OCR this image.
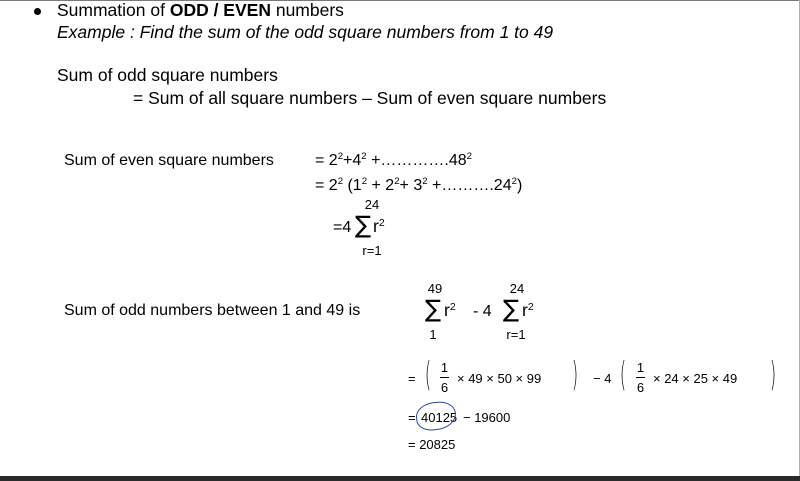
Summation of ODD / EVEN numbers
Example : Find the sum of the odd square numbers from 1 to 49
Sum of odd square numbers
= Sum of all square numbers – Sum of even square numbers
Sum of even square numbers	= $2^2+4^2$ $+\dots\dots\dots\dots.48^2$
= $2^2$ ($1^2 + 2^2+ 3^2$ $+\dots\dots\dots.24^2$)
24
=4 ∑ $r^2$
r=1
Sum of odd numbers between 1 and 49 is
49
∑ $r^2$
1
- 4
24
∑ $r^2$
r=1
= ( 1
6
× 49 × 50 × 99 ) − 4 ( 1
6
× 24 × 25 × 49 )
= 40125 − 19600
= 20825
